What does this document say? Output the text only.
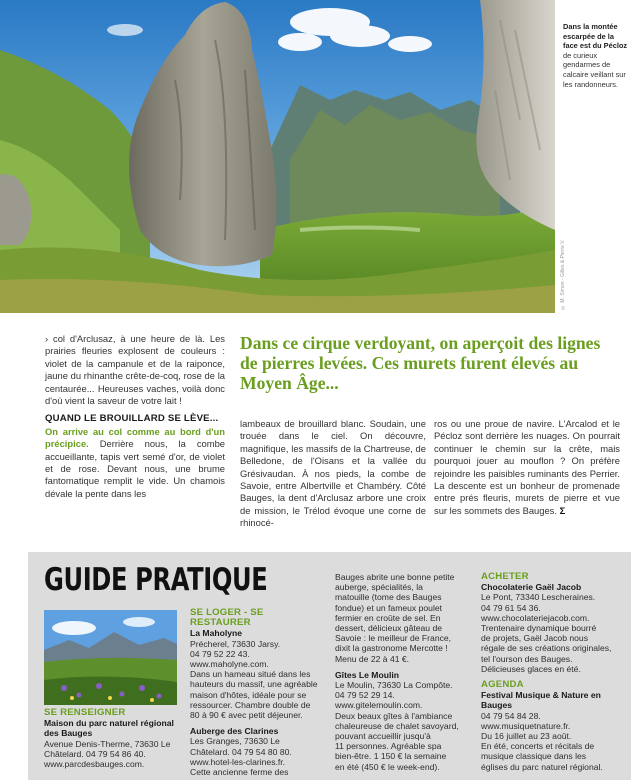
© M. Simon - Gilles & Pierre V.
Dans la montée escarpée de la face est du Pécloz de curieux gendarmes de calcaire veillant sur les randonneurs.

› col d'Arclusaz, à une heure de là. Les prairies fleuries explosent de couleurs : violet de la campanule et de la raiponce, jaune du rhinanthe crête-de-coq, rose de la centaurée... Heureuses vaches, voilà donc d'où vient la saveur de votre lait !

QUAND LE BROUILLARD SE LÈVE...

On arrive au col comme au bord d'un précipice. Derrière nous, la combe accueillante, tapis vert semé d'or, de violet et de rose. Devant nous, une brume fantomatique remplit le vide. Un chamois dévale la pente dans les

Dans ce cirque verdoyant, on aperçoit des lignes de pierres levées. Ces murets furent élevés au Moyen Âge...
lambeaux de brouillard blanc. Soudain, une trouée dans le ciel. On découvre, magnifique, les massifs de la Chartreuse, de Belledone, de l'Oisans et la vallée du Grésivaudan. À nos pieds, la combe de Savoie, entre Albertville et Chambéry. Côté Bauges, la dent d'Arclusaz arbore une croix de mission, le Trélod évoque une corne de rhinocé-
ros ou une proue de navire. L'Arcalod et le Pécloz sont derrière les nuages. On pourrait continuer le chemin sur la crête, mais pourquoi jouer au mouflon ? On préfère rejoindre les paisibles ruminants des Perrier. La descente est un bonheur de promenade entre prés fleuris, murets de pierre et vue sur les sommets des Bauges. Σ
GUIDE PRATIQUE
SE RENSEIGNER
Maison du parc naturel régional des Bauges
Avenue Denis-Therme, 73630 Le
Châtelard. 04 79 54 86 40.
www.parcdesbauges.com.
SE LOGER - SE RESTAURER
La Maholyne
Précherel, 73630 Jarsy.
04 79 52 22 43.
www.maholyne.com.
Dans un hameau situé dans les
hauteurs du massif, une agréable
maison d'hôtes, idéale pour se
ressourcer. Chambre double de
80 à 90 € avec petit déjeuner.
Auberge des Clarines
Les Granges, 73630 Le
Châtelard. 04 79 54 80 80.
www.hotel-les-clarines.fr.
Cette ancienne ferme des
Bauges abrite une bonne petite
auberge, spécialités, la
matouille (tome des Bauges
fondue) et un fameux poulet
fermier en croûte de sel. En
dessert, délicieux gâteau de
Savoie : le meilleur de France,
dixit la gastronome Mercotte !
Menu de 22 à 41 €.
Gîtes Le Moulin
Le Moulin, 73630 La Compôte.
04 79 52 29 14.
www.gitelemoulin.com.
Deux beaux gîtes à l'ambiance
chaleureuse de chalet savoyard,
pouvant accueillir jusqu'à
11 personnes. Agréable spa
bien-être. 1 150 € la semaine
en été (450 € le week-end).
ACHETER
Chocolaterie Gaël Jacob
Le Pont, 73340 Lescheraines.
04 79 61 54 36.
www.chocolateriejacob.com.
Trentenaire dynamique bourré
de projets, Gaël Jacob nous
régale de ses créations originales,
tel l'ourson des Bauges.
Délicieuses glaces en été.
AGENDA
Festival Musique & Nature en Bauges
04 79 54 84 28.
www.musiquetnature.fr.
Du 16 juillet au 23 août.
En été, concerts et récitals de
musique classique dans les
églises du parc naturel régional.
